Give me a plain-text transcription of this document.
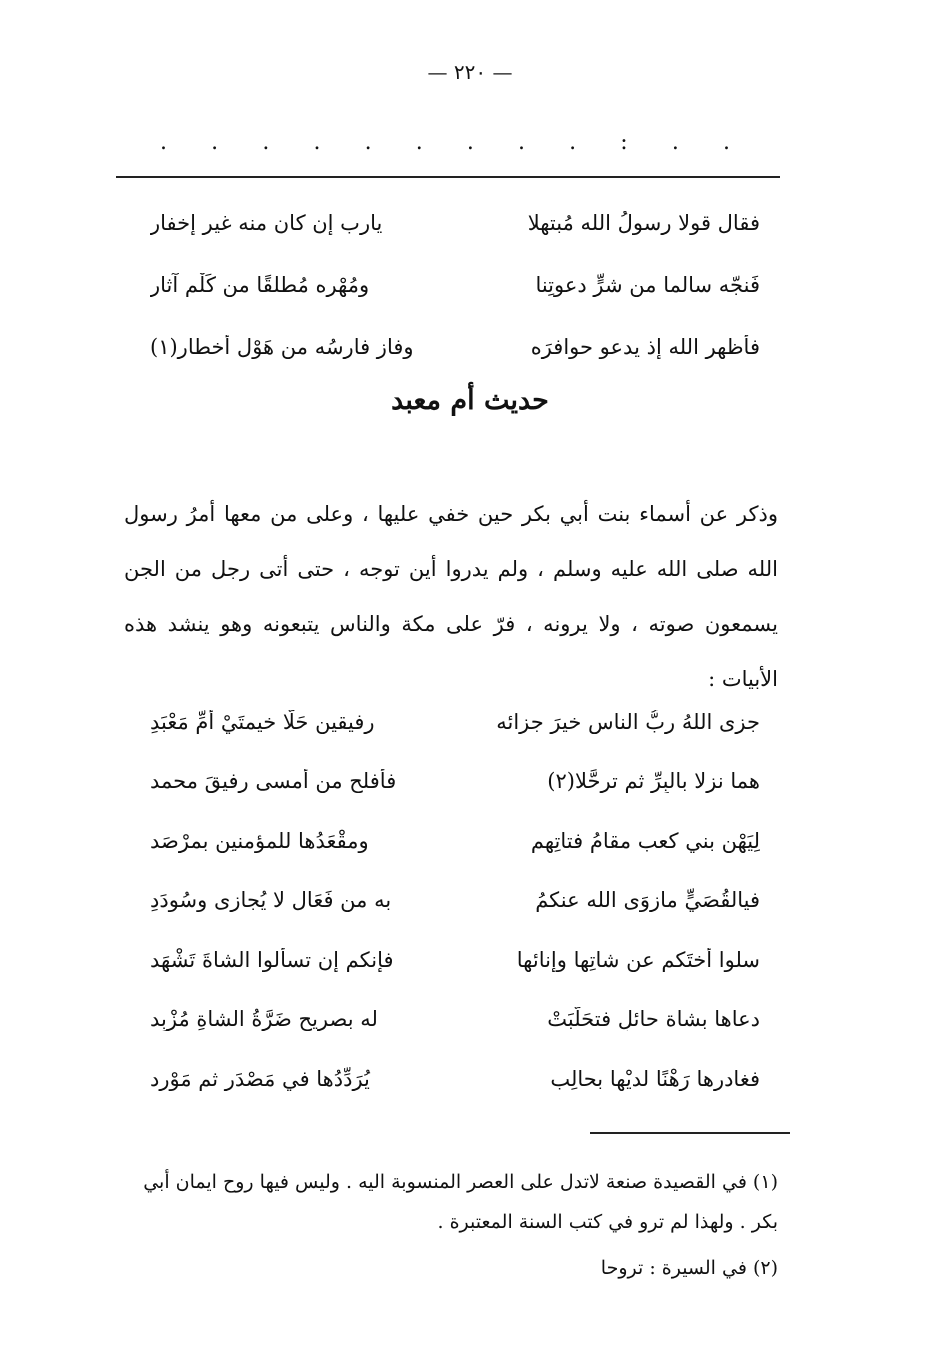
— ٢٢٠ —
.
.
:
.
.
.
.
.
.
.
.
.
فقال قولا رسولُ الله مُبتهلا
يارب إن كان منه غير إخفار
فَنجّه سالما من شرٍّ دعوتِنا
ومُهْرِه مُطلقًا من كَلْم آثار
فأظهر الله إذ يدعو حوافرَه
وفاز فارسُه من هَوْل أخطار(١)
حديث أم معبد

وذكر عن أسماء بنت أبي بكر حين خفي عليها ، وعلى من معها أمرُ رسول الله صلى الله عليه وسلم ، ولم يدروا أين توجه ، حتى أتى رجل من الجن يسمعون صوته ، ولا يرونه ، فرّ على مكة والناس يتبعونه وهو ينشد هذه الأبيات :

جزى اللهُ ربُّ الناسِ خيرَ جزائه
رفيقين حَلّا خيمتَيْ أمِّ مَعْبَدِ
هما نزلا بالبِرِّ ثم ترحَّلا(٢)
فأفلح من أمسى رفيقَ محمد
لِيَهْنِ بني كعب مقامُ فتاتِهم
ومقْعَدُها للمؤمنين بمرْصَد
فيالقُصَيٍّ مازوَى الله عنكمُ
به من فَعَال لا يُجازى وسُودَدِ
سلوا أختَكم عن شاتِها وإنائها
فإنكم إن تسألوا الشاةَ تَشْهَد
دعاها بشاة حائلٍ فتحَلَّبَتْ
له بصريح ضَرَّةُ الشاةِ مُزْبِد
فغادرها رَهْنًا لديْها بحالِب
يُرَدِّدُها في مَصْدَرٍ ثم مَوْرِد
(١) في القصيدة صنعة لاتدل على العصر المنسوبة اليه . وليس فيها روح ايمان أبي بكر . ولهذا لم ترو في كتب السنة المعتبرة .
(٢) في السيرة : تروحا
